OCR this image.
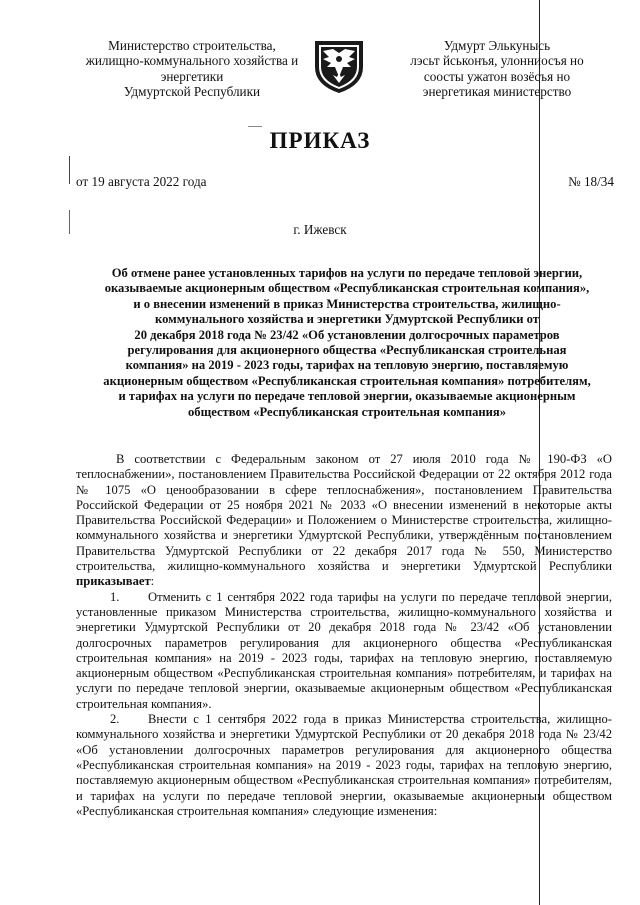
Министерство строительства,
жилищно-коммунального хозяйства и
энергетики
Удмуртской Республики
Удмурт Элькунысь
лэсьт йськонъя, улонниосъя но
соосты ужатон возёсъя но
энергетикая министерство
ПРИКАЗ
от 19 августа 2022 года	№ 18/34
г. Ижевск
Об отмене ранее установленных тарифов на услуги по передаче тепловой энергии,
оказываемые акционерным обществом «Республиканская строительная компания»,
и о внесении изменений в приказ Министерства строительства, жилищно-
коммунального хозяйства и энергетики Удмуртской Республики от
20 декабря 2018 года № 23/42 «Об установлении долгосрочных параметров
регулирования для акционерного общества «Республиканская строительная
компания» на 2019 - 2023 годы, тарифах на тепловую энергию, поставляемую
акционерным обществом «Республиканская строительная компания» потребителям,
и тарифах на услуги по передаче тепловой энергии, оказываемые акционерным
обществом «Республиканская строительная компания»

В соответствии с Федеральным законом от 27 июля 2010 года № 190-ФЗ «О теплоснабжении», постановлением Правительства Российской Федерации от 22 октября 2012 года № 1075 «О ценообразовании в сфере теплоснабжения», постановлением Правительства Российской Федерации от 25 ноября 2021 № 2033 «О внесении изменений в некоторые акты Правительства Российской Федерации» и Положением о Министерстве строительства, жилищно-коммунального хозяйства и энергетики Удмуртской Республики, утверждённым постановлением Правительства Удмуртской Республики от 22 декабря 2017 года № 550, Министерство строительства, жилищно-коммунального хозяйства и энергетики Удмуртской Республики приказывает:

1. Отменить с 1 сентября 2022 года тарифы на услуги по передаче тепловой энергии, установленные приказом Министерства строительства, жилищно-коммунального хозяйства и энергетики Удмуртской Республики от 20 декабря 2018 года № 23/42 «Об установлении долгосрочных параметров регулирования для акционерного общества «Республиканская строительная компания» на 2019 - 2023 годы, тарифах на тепловую энергию, поставляемую акционерным обществом «Республиканская строительная компания» потребителям, и тарифах на услуги по передаче тепловой энергии, оказываемые акционерным обществом «Республиканская строительная компания».

2. Внести с 1 сентября 2022 года в приказ Министерства строительства, жилищно-коммунального хозяйства и энергетики Удмуртской Республики от 20 декабря 2018 года № 23/42 «Об установлении долгосрочных параметров регулирования для акционерного общества «Республиканская строительная компания» на 2019 - 2023 годы, тарифах на тепловую энергию, поставляемую акционерным обществом «Республиканская строительная компания» потребителям, и тарифах на услуги по передаче тепловой энергии, оказываемые акционерным обществом «Республиканская строительная компания» следующие изменения:
